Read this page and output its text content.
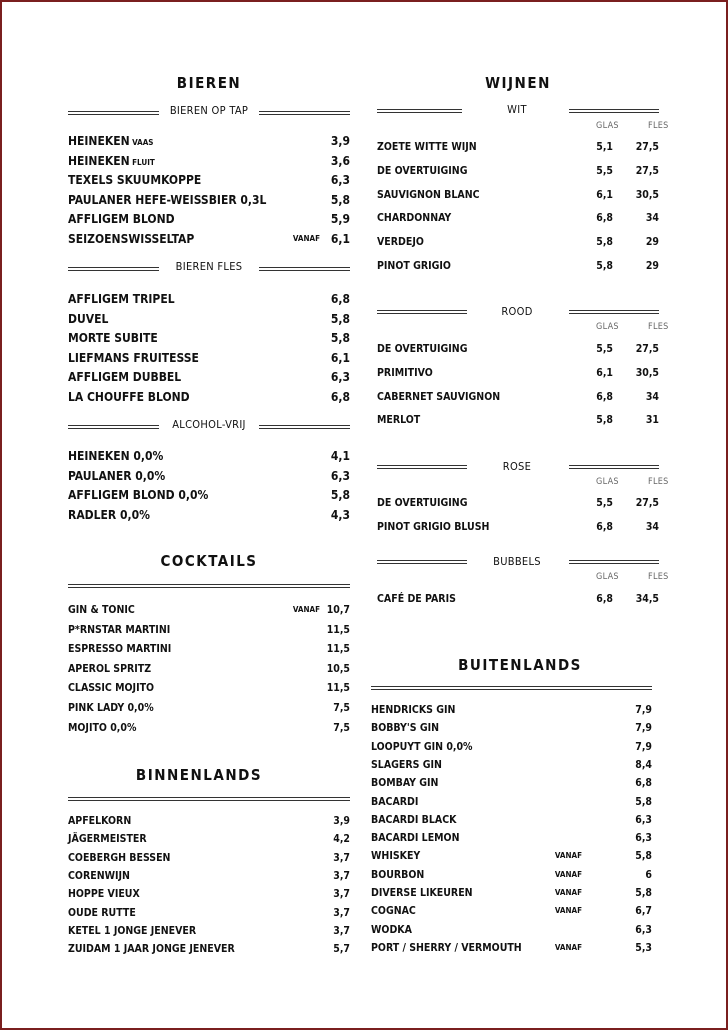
BIEREN
BIEREN OP TAP
HEINEKEN VAAS	3,9
HEINEKEN FLUIT	3,6
TEXELS SKUUMKOPPE	6,3
PAULANER HEFE-WEISSBIER 0,3L	5,8
AFFLIGEM BLOND	5,9
SEIZOENSWISSELTAP	VANAF 6,1
BIEREN FLES
AFFLIGEM TRIPEL	6,8
DUVEL	5,8
MORTE SUBITE	5,8
LIEFMANS FRUITESSE	6,1
AFFLIGEM DUBBEL	6,3
LA CHOUFFE BLOND	6,8
ALCOHOL-VRIJ
HEINEKEN 0,0%	4,1
PAULANER 0,0%	6,3
AFFLIGEM BLOND 0,0%	5,8
RADLER 0,0%	4,3
COCKTAILS
GIN & TONIC	VANAF 10,7
P*RNSTAR MARTINI	11,5
ESPRESSO MARTINI	11,5
APEROL SPRITZ	10,5
CLASSIC MOJITO	11,5
PINK LADY 0,0%	7,5
MOJITO 0,0%	7,5
BINNENLANDS
APFELKORN	3,9
JÄGERMEISTER	4,2
COEBERGH BESSEN	3,7
CORENWIJN	3,7
HOPPE VIEUX	3,7
OUDE RUTTE	3,7
KETEL 1 JONGE JENEVER	3,7
ZUIDAM 1 JAAR JONGE JENEVER	5,7
WIJNEN
WIT
GLAS	FLES
ZOETE WITTE WIJN	5,1 27,5
DE OVERTUIGING	5,5 27,5
SAUVIGNON BLANC	6,1 30,5
CHARDONNAY	6,8	34
VERDEJO	5,8	29
PINOT GRIGIO	5,8	29
ROOD
GLAS	FLES
DE OVERTUIGING	5,5 27,5
PRIMITIVO	6,1 30,5
CABERNET SAUVIGNON	6,8	34
MERLOT	5,8	31
ROSE
GLAS	FLES
DE OVERTUIGING	5,5 27,5
PINOT GRIGIO BLUSH	6,8	34
BUBBELS
GLAS	FLES
CAFÉ DE PARIS	6,8 34,5
BUITENLANDS
HENDRICKS GIN	7,9
BOBBY'S GIN	7,9
LOOPUYT GIN 0,0%	7,9
SLAGERS GIN	8,4
BOMBAY GIN	6,8
BACARDI	5,8
BACARDI BLACK	6,3
BACARDI LEMON	6,3
WHISKEY	VANAF	5,8
BOURBON	VANAF	6
DIVERSE LIKEUREN	VANAF	5,8
COGNAC	VANAF	6,7
WODKA	6,3
PORT / SHERRY / VERMOUTH	VANAF	5,3
